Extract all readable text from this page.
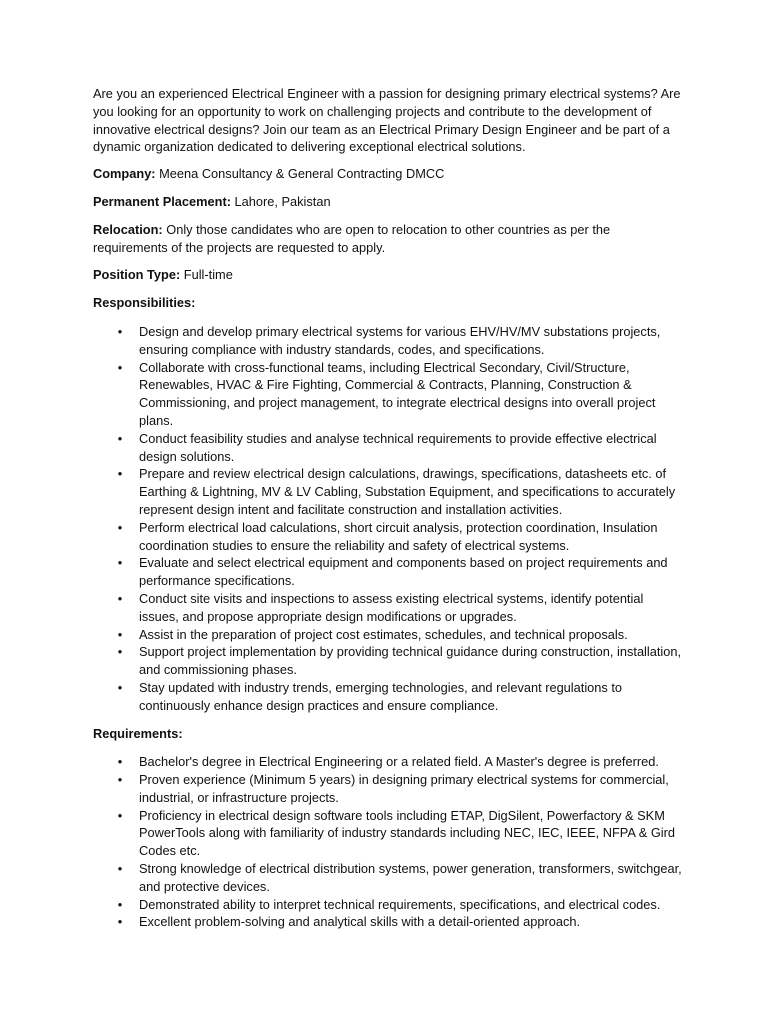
Are you an experienced Electrical Engineer with a passion for designing primary electrical systems? Are you looking for an opportunity to work on challenging projects and contribute to the development of innovative electrical designs? Join our team as an Electrical Primary Design Engineer and be part of a dynamic organization dedicated to delivering exceptional electrical solutions.

Company: Meena Consultancy & General Contracting DMCC

Permanent Placement: Lahore, Pakistan

Relocation: Only those candidates who are open to relocation to other countries as per the requirements of the projects are requested to apply.

Position Type: Full-time

Responsibilities:

• Design and develop primary electrical systems for various EHV/HV/MV substations projects, ensuring compliance with industry standards, codes, and specifications.
• Collaborate with cross-functional teams, including Electrical Secondary, Civil/Structure, Renewables, HVAC & Fire Fighting, Commercial & Contracts, Planning, Construction & Commissioning, and project management, to integrate electrical designs into overall project plans.
• Conduct feasibility studies and analyse technical requirements to provide effective electrical design solutions.
• Prepare and review electrical design calculations, drawings, specifications, datasheets etc. of Earthing & Lightning, MV & LV Cabling, Substation Equipment, and specifications to accurately represent design intent and facilitate construction and installation activities.
• Perform electrical load calculations, short circuit analysis, protection coordination, Insulation coordination studies to ensure the reliability and safety of electrical systems.
• Evaluate and select electrical equipment and components based on project requirements and performance specifications.
• Conduct site visits and inspections to assess existing electrical systems, identify potential issues, and propose appropriate design modifications or upgrades.
• Assist in the preparation of project cost estimates, schedules, and technical proposals.
• Support project implementation by providing technical guidance during construction, installation, and commissioning phases.
• Stay updated with industry trends, emerging technologies, and relevant regulations to continuously enhance design practices and ensure compliance.

Requirements:

• Bachelor's degree in Electrical Engineering or a related field. A Master's degree is preferred.
• Proven experience (Minimum 5 years) in designing primary electrical systems for commercial, industrial, or infrastructure projects.
• Proficiency in electrical design software tools including ETAP, DigSilent, Powerfactory & SKM PowerTools along with familiarity of industry standards including NEC, IEC, IEEE, NFPA & Gird Codes etc.
• Strong knowledge of electrical distribution systems, power generation, transformers, switchgear, and protective devices.
• Demonstrated ability to interpret technical requirements, specifications, and electrical codes.
• Excellent problem-solving and analytical skills with a detail-oriented approach.
